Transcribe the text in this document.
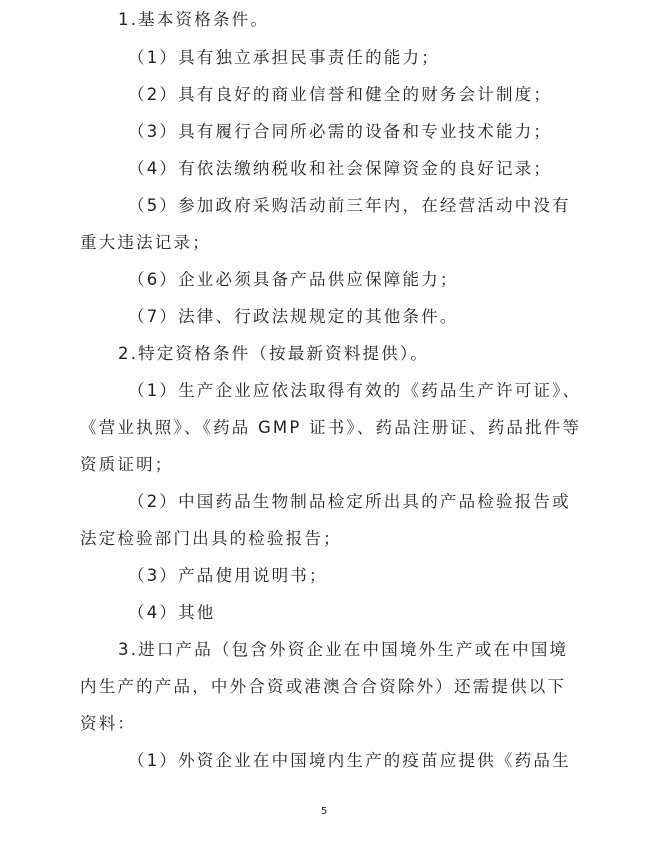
1.基本资格条件。
（1）具有独立承担民事责任的能力；
（2）具有良好的商业信誉和健全的财务会计制度；
（3）具有履行合同所必需的设备和专业技术能力；
（4）有依法缴纳税收和社会保障资金的良好记录；
（5）参加政府采购活动前三年内，在经营活动中没有
重大违法记录；
（6）企业必须具备产品供应保障能力；
（7）法律、行政法规规定的其他条件。
2.特定资格条件（按最新资料提供）。
（1）生产企业应依法取得有效的《药品生产许可证》、
《营业执照》、《药品 GMP 证书》、药品注册证、药品批件等
资质证明；
（2）中国药品生物制品检定所出具的产品检验报告或
法定检验部门出具的检验报告；
（3）产品使用说明书；
（4）其他
3.进口产品（包含外资企业在中国境外生产或在中国境
内生产的产品，中外合资或港澳合合资除外）还需提供以下
资料：
（1）外资企业在中国境内生产的疫苗应提供《药品生
5
